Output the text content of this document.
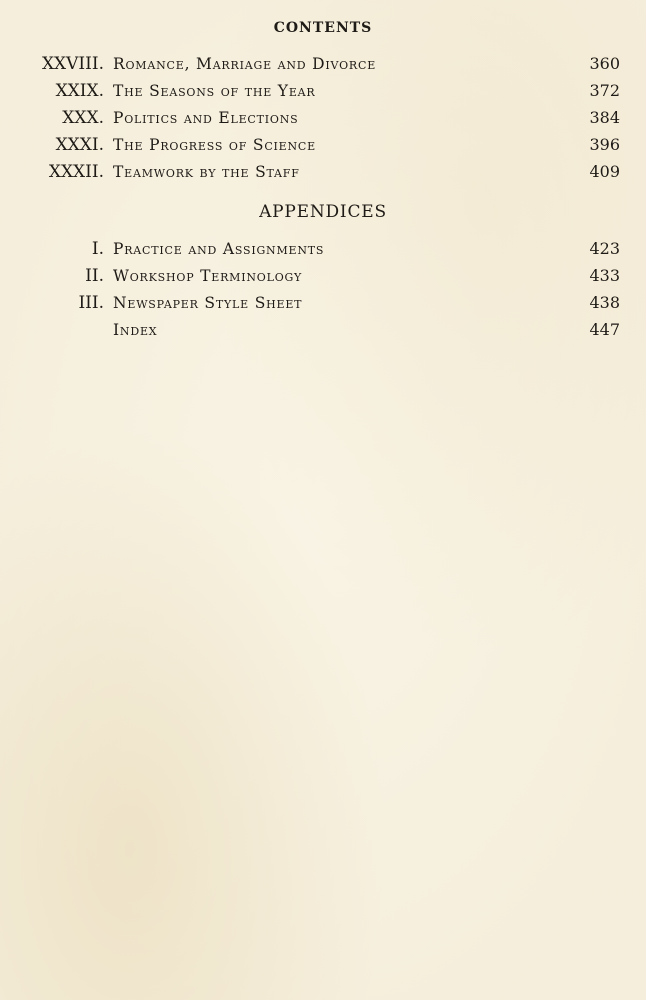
CONTENTS
XXVIII. Romance, Marriage and Divorce	360
XXIX. The Seasons of the Year	372
XXX. Politics and Elections	384
XXXI. The Progress of Science	396
XXXII. Teamwork by the Staff	409
APPENDICES
I. Practice and Assignments	423
II. Workshop Terminology	433
III. Newspaper Style Sheet	438
Index	447
